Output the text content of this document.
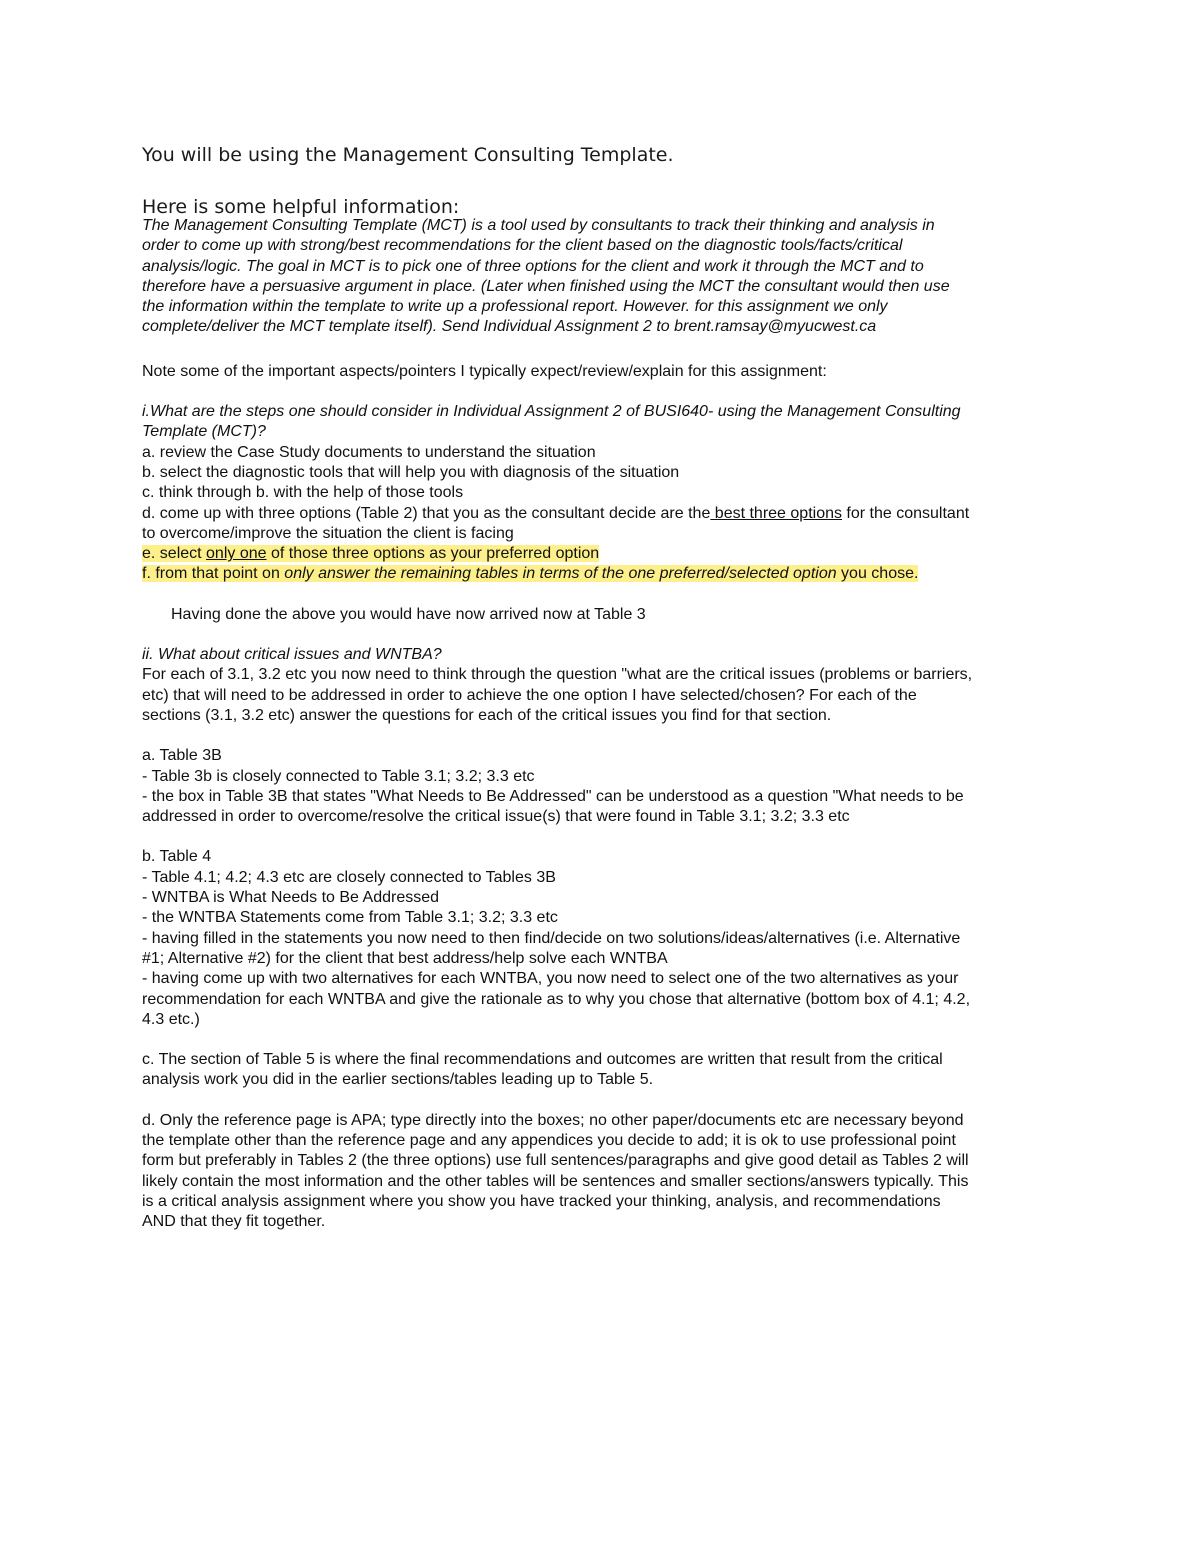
You will be using the Management Consulting Template.

Here is some helpful information:

The Management Consulting Template (MCT) is a tool used by consultants to track their thinking and analysis in
order to come up with strong/best recommendations for the client based on the diagnostic tools/facts/critical
analysis/logic. The goal in MCT is to pick one of three options for the client and work it through the MCT and to
therefore have a persuasive argument in place. (Later when finished using the MCT the consultant would then use
the information within the template to write up a professional report. However. for this assignment we only
complete/deliver the MCT template itself). Send Individual Assignment 2 to brent.ramsay@myucwest.ca

Note some of the important aspects/pointers I typically expect/review/explain for this assignment:

i.What are the steps one should consider in Individual Assignment 2 of BUSI640- using the Management Consulting
Template (MCT)?
a. review the Case Study documents to understand the situation
b. select the diagnostic tools that will help you with diagnosis of the situation
c. think through b. with the help of those tools
d. come up with three options (Table 2) that you as the consultant decide are the best three options for the consultant
to overcome/improve the situation the client is facing
e. select only one of those three options as your preferred option
f. from that point on only answer the remaining tables in terms of the one preferred/selected option you chose.

Having done the above you would have now arrived now at Table 3

ii. What about critical issues and WNTBA?

For each of 3.1, 3.2 etc you now need to think through the question "what are the critical issues (problems or barriers,
etc) that will need to be addressed in order to achieve the one option I have selected/chosen? For each of the
sections (3.1, 3.2 etc) answer the questions for each of the critical issues you find for that section.
a. Table 3B
- Table 3b is closely connected to Table 3.1; 3.2; 3.3 etc
- the box in Table 3B that states "What Needs to Be Addressed" can be understood as a question "What needs to be
addressed in order to overcome/resolve the critical issue(s) that were found in Table 3.1; 3.2; 3.3 etc
b. Table 4
- Table 4.1; 4.2; 4.3 etc are closely connected to Tables 3B
- WNTBA is What Needs to Be Addressed
- the WNTBA Statements come from Table 3.1; 3.2; 3.3 etc
- having filled in the statements you now need to then find/decide on two solutions/ideas/alternatives (i.e. Alternative
#1; Alternative #2) for the client that best address/help solve each WNTBA
- having come up with two alternatives for each WNTBA, you now need to select one of the two alternatives as your
recommendation for each WNTBA and give the rationale as to why you chose that alternative (bottom box of 4.1; 4.2,
4.3 etc.)
c. The section of Table 5 is where the final recommendations and outcomes are written that result from the critical
analysis work you did in the earlier sections/tables leading up to Table 5.
d. Only the reference page is APA; type directly into the boxes; no other paper/documents etc are necessary beyond
the template other than the reference page and any appendices you decide to add; it is ok to use professional point
form but preferably in Tables 2 (the three options) use full sentences/paragraphs and give good detail as Tables 2 will
likely contain the most information and the other tables will be sentences and smaller sections/answers typically. This
is a critical analysis assignment where you show you have tracked your thinking, analysis, and recommendations
AND that they fit together.
